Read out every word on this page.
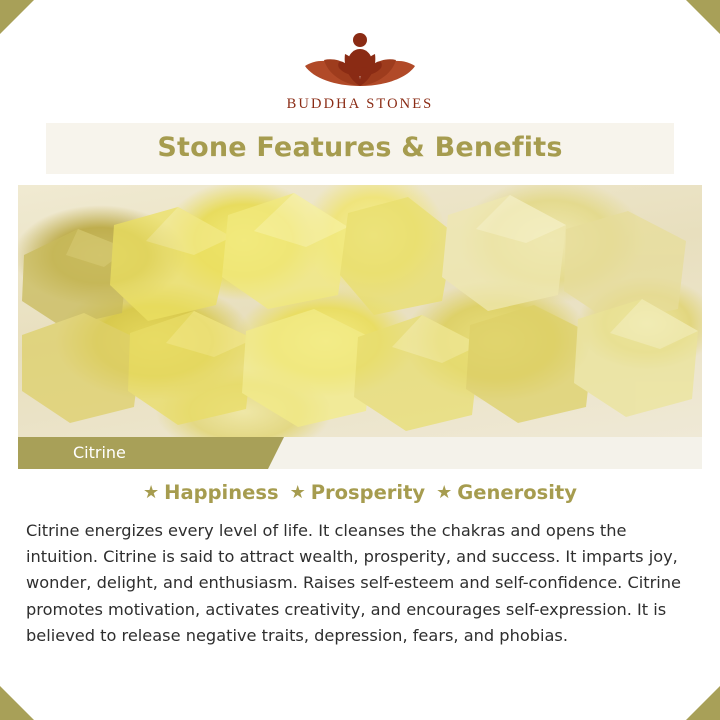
BUDDHA STONES
Stone Features & Benefits
Citrine
★ Happiness ★ Prosperity ★ Generosity

Citrine energizes every level of life. It cleanses the chakras and opens the intuition. Citrine is said to attract wealth, prosperity, and success. It imparts joy, wonder, delight, and enthusiasm. Raises self-esteem and self-confidence. Citrine promotes motivation, activates creativity, and encourages self-expression. It is believed to release negative traits, depression, fears, and phobias.
